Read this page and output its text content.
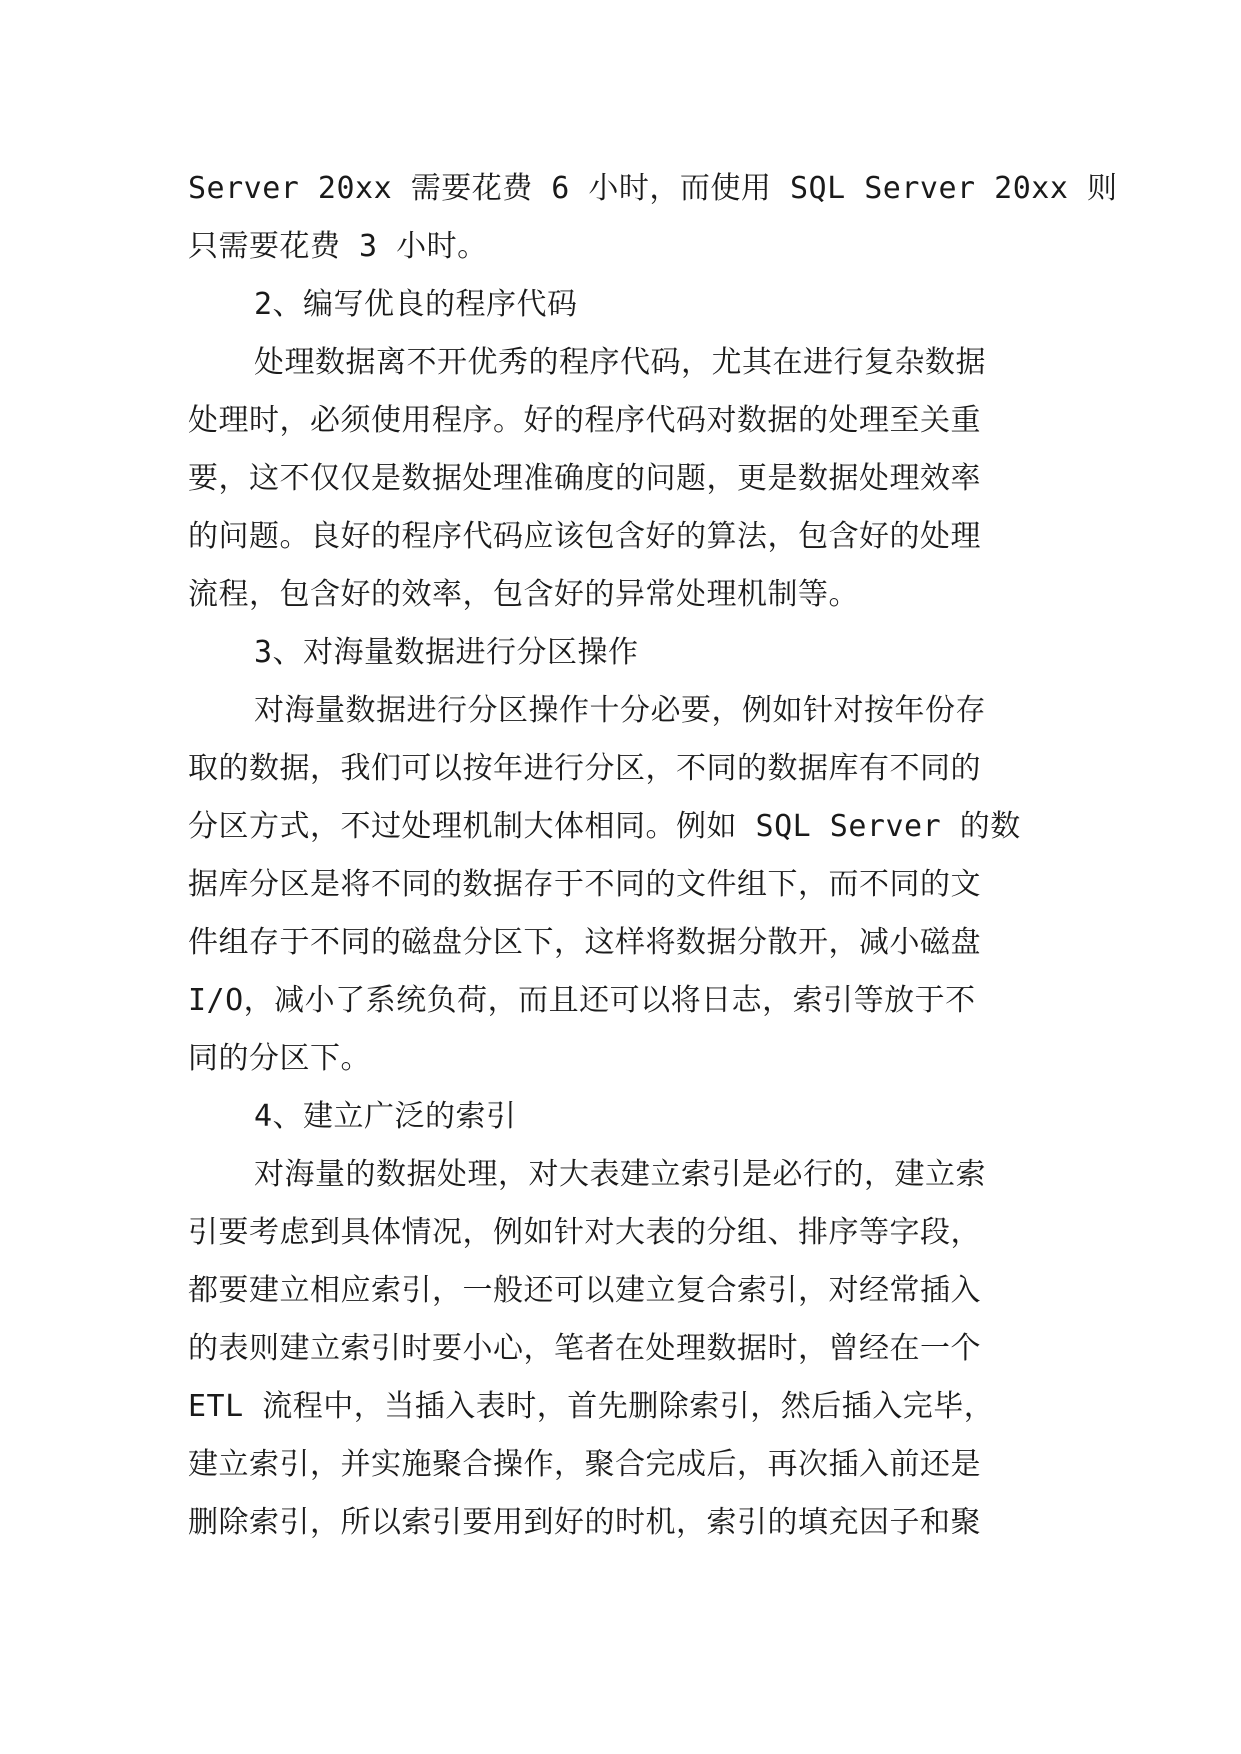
Server 20xx 需要花费 6 小时，而使用 SQL Server 20xx 则
只需要花费 3 小时。
2、编写优良的程序代码
处理数据离不开优秀的程序代码，尤其在进行复杂数据
处理时，必须使用程序。好的程序代码对数据的处理至关重
要，这不仅仅是数据处理准确度的问题，更是数据处理效率
的问题。良好的程序代码应该包含好的算法，包含好的处理
流程，包含好的效率，包含好的异常处理机制等。
3、对海量数据进行分区操作
对海量数据进行分区操作十分必要，例如针对按年份存
取的数据，我们可以按年进行分区，不同的数据库有不同的
分区方式，不过处理机制大体相同。例如 SQL Server 的数
据库分区是将不同的数据存于不同的文件组下，而不同的文
件组存于不同的磁盘分区下，这样将数据分散开，减小磁盘
I/O，减小了系统负荷，而且还可以将日志，索引等放于不
同的分区下。
4、建立广泛的索引
对海量的数据处理，对大表建立索引是必行的，建立索
引要考虑到具体情况，例如针对大表的分组、排序等字段，
都要建立相应索引，一般还可以建立复合索引，对经常插入
的表则建立索引时要小心，笔者在处理数据时，曾经在一个
ETL 流程中，当插入表时，首先删除索引，然后插入完毕，
建立索引，并实施聚合操作，聚合完成后，再次插入前还是
删除索引，所以索引要用到好的时机，索引的填充因子和聚
